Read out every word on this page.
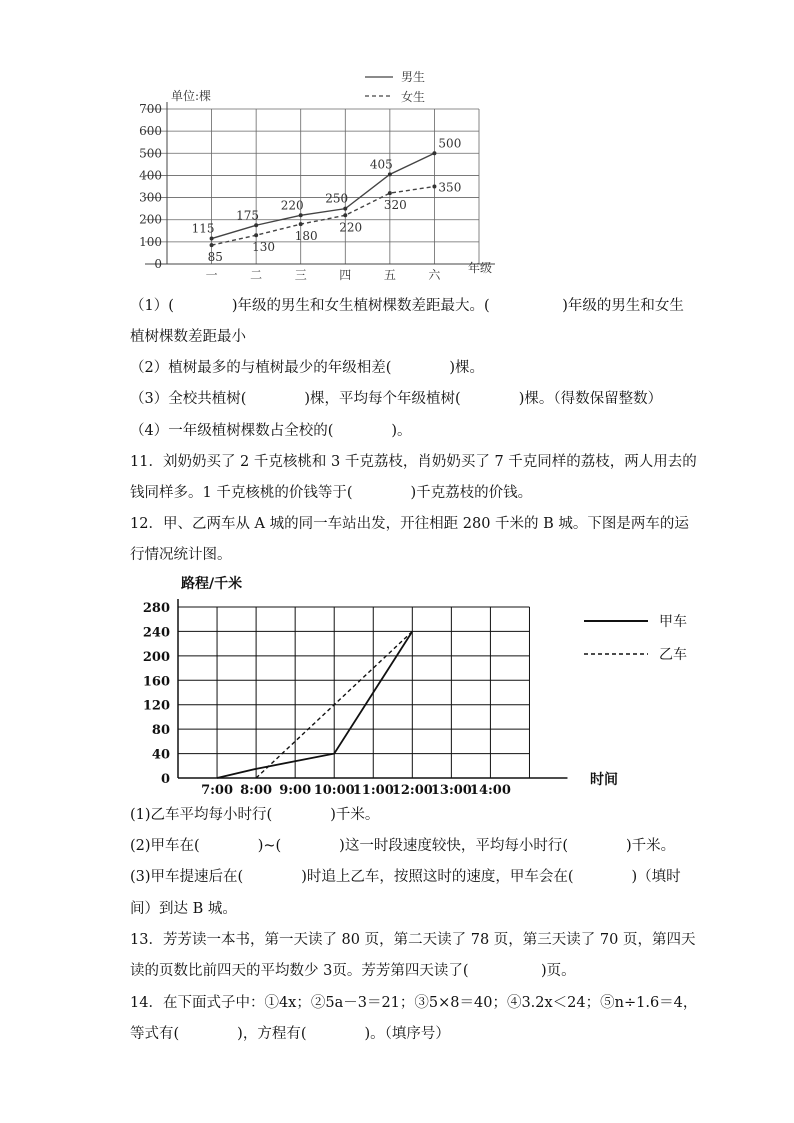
0
100
200
300
400
500
600
700
一	二	三	四	五	六
115
175
220 250
405
500
85
130
180
220
320
350
单位:棵
年级
男生
女生
（1）(　　　　)年级的男生和女生植树棵数差距最大。(　　　　　)年级的男生和女生
植树棵数差距最小
（2）植树最多的与植树最少的年级相差(　　　　)棵。
（3）全校共植树(　　　　)棵，平均每个年级植树(　　　　)棵。（得数保留整数）
（4）一年级植树棵数占全校的(　　　　)。
11．刘奶奶买了 2 千克核桃和 3 千克荔枝，肖奶奶买了 7 千克同样的荔枝，两人用去的
钱同样多。1 千克核桃的价钱等于(　　　　)千克荔枝的价钱。
12．甲、乙两车从 A 城的同一车站出发，开往相距 280 千米的 B 城。下图是两车的运
行情况统计图。
0
40
80
120
160
200
240
280
7:00 8:00 9:00 10:00
11:00
12:00
13:00
14:00
路程/千米
时间
甲车
乙车
(1)乙车平均每小时行(　　　　)千米。
(2)甲车在(　　　　)~(　　　　)这一时段速度较快，平均每小时行(　　　　)千米。
(3)甲车提速后在(　　　　)时追上乙车，按照这时的速度，甲车会在(　　　　)（填时
间）到达 B 城。
13．芳芳读一本书，第一天读了 80 页，第二天读了 78 页，第三天读了 70 页，第四天
读的页数比前四天的平均数少 3页。芳芳第四天读了(　　　　　)页。
14．在下面式子中：①4x；②5a－3＝21；③5×8＝40；④3.2x＜24；⑤n÷1.6＝4，
等式有(　　　　)，方程有(　　　　)。（填序号）
